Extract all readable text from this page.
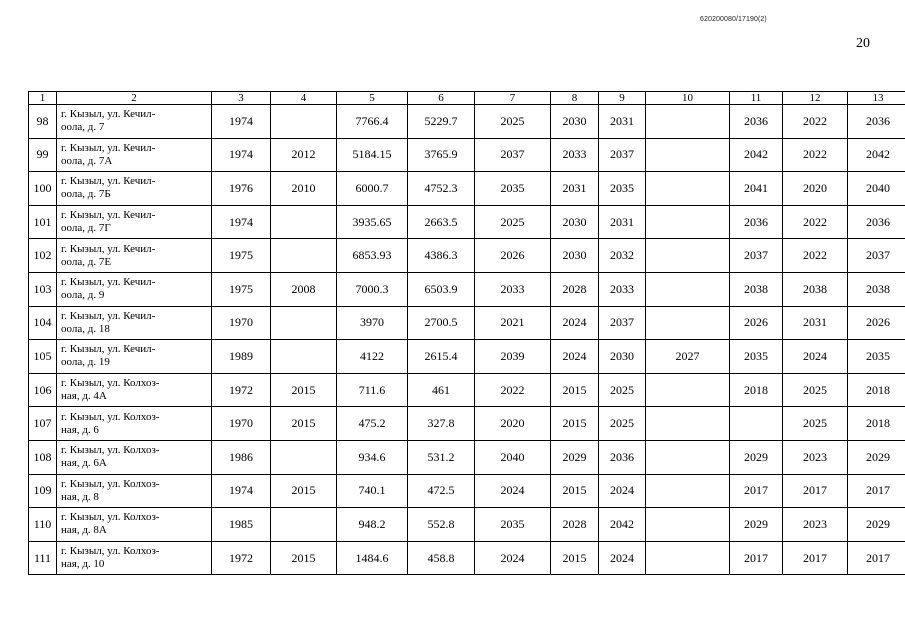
620200080/17190(2)
20
1	2	3	4	5	6	7	8	9	10	11	12	13
98	г. Кызыл, ул. Кечил-
оола, д. 7	1974		7766.4	5229.7	2025	2030	2031		2036	2022	2036
99	г. Кызыл, ул. Кечил-
оола, д. 7А	1974	2012	5184.15	3765.9	2037	2033	2037		2042	2022	2042
100	г. Кызыл, ул. Кечил-
оола, д. 7Б	1976	2010	6000.7	4752.3	2035	2031	2035		2041	2020	2040
101	г. Кызыл, ул. Кечил-
оола, д. 7Г	1974		3935.65	2663.5	2025	2030	2031		2036	2022	2036
102	г. Кызыл, ул. Кечил-
оола, д. 7Е	1975		6853.93	4386.3	2026	2030	2032		2037	2022	2037
103	г. Кызыл, ул. Кечил-
оола, д. 9	1975	2008	7000.3	6503.9	2033	2028	2033		2038	2038	2038
104	г. Кызыл, ул. Кечил-
оола, д. 18	1970		3970	2700.5	2021	2024	2037		2026	2031	2026
105	г. Кызыл, ул. Кечил-
оола, д. 19	1989		4122	2615.4	2039	2024	2030	2027	2035	2024	2035
106	г. Кызыл, ул. Колхоз-
ная, д. 4А	1972	2015	711.6	461	2022	2015	2025		2018	2025	2018
107	г. Кызыл, ул. Колхоз-
ная, д. 6	1970	2015	475.2	327.8	2020	2015	2025			2025	2018
108	г. Кызыл, ул. Колхоз-
ная, д. 6А	1986		934.6	531.2	2040	2029	2036		2029	2023	2029
109	г. Кызыл, ул. Колхоз-
ная, д. 8	1974	2015	740.1	472.5	2024	2015	2024		2017	2017	2017
110	г. Кызыл, ул. Колхоз-
ная, д. 8А	1985		948.2	552.8	2035	2028	2042		2029	2023	2029
111	г. Кызыл, ул. Колхоз-
ная, д. 10	1972	2015	1484.6	458.8	2024	2015	2024		2017	2017	2017
